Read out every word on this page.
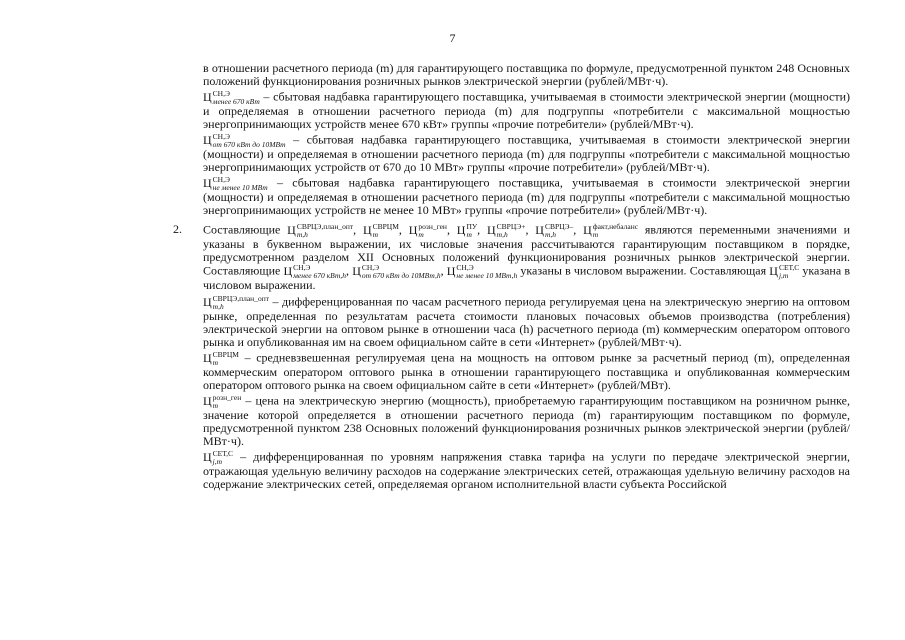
7

в отношении расчетного периода (m) для гарантирующего поставщика по формуле, предусмотренной пунктом 248 Основных положений функционирования розничных рынков электрической энергии (рублей/МВт·ч).

Ц СН,Э
менее 670 кВт – сбытовая надбавка гарантирующего поставщика, учитываемая в стоимости электрической энергии (мощности) и определяемая в отношении расчетного периода (m) для подгруппы «потребители с максимальной мощностью энергопринимающих устройств менее 670 кВт» группы «прочие потребители» (рублей/МВт·ч).

Ц СН,Э
от 670 кВт до 10МВт – сбытовая надбавка гарантирующего поставщика, учитываемая в стоимости электрической энергии (мощности) и определяемая в отношении расчетного периода (m) для подгруппы «потребители с максимальной мощностью энергопринимающих устройств от 670 до 10 МВт» группы «прочие потребители» (рублей/МВт·ч).

Ц СН,Э
не менее 10 МВт – сбытовая надбавка гарантирующего поставщика, учитываемая в стоимости электрической энергии (мощности) и определяемая в отношении расчетного периода (m) для подгруппы «потребители с максимальной мощностью энергопринимающих устройств не менее 10 МВт» группы «прочие потребители» (рублей/МВт·ч).

2. Составляющие Ц СВРЦЭ,план_опт
m,h	, Ц СВРЦМ
m	, Ц розн_ген
m	, Ц ПУ
m , Ц СВРЦЭ+
m,h	, Ц СВРЦЭ–
m,h	, Ц факт,небаланс
m	являются переменными значениями и указаны в буквенном выражении, их числовые значения рассчитываются гарантирующим поставщиком в порядке, предусмотренном разделом XII Основных положений функционирования розничных рынков электрической энергии. Составляющие Ц СН,Э
менее 670 кВт,h , Ц СН,Э
от 670 кВт до 10МВт,h , Ц СН,Э
не менее 10 МВт,h указаны в числовом выражении. Составляющая Ц СЕТ,С
j,m указана в числовом выражении.

Ц СВРЦЭ,план_опт
m,h	– дифференцированная по часам расчетного периода регулируемая цена на электрическую энергию на оптовом рынке, определенная по результатам расчета стоимости плановых почасовых объемов производства (потребления) электрической энергии на оптовом рынке в отношении часа (h) расчетного периода (m) коммерческим оператором оптового рынка и опубликованная им на своем официальном сайте в сети «Интернет» (рублей/МВт·ч).

Ц СВРЦМ
m	– средневзвешенная регулируемая цена на мощность на оптовом рынке за расчетный период (m), определенная коммерческим оператором оптового рынка в отношении гарантирующего поставщика и опубликованная коммерческим оператором оптового рынка на своем официальном сайте в сети «Интернет» (рублей/МВт).

Ц розн_ген
m	– цена на электрическую энергию (мощность), приобретаемую гарантирующим поставщиком на розничном рынке, значение которой определяется в отношении расчетного периода (m) гарантирующим поставщиком по формуле, предусмотренной пунктом 238 Основных положений функционирования розничных рынков электрической энергии (рублей/МВт·ч).

Ц СЕТ,С
j,m – дифференцированная по уровням напряжения ставка тарифа на услуги по передаче электрической энергии, отражающая удельную величину расходов на содержание электрических сетей, отражающая удельную величину расходов на содержание электрических сетей, определяемая органом исполнительной власти субъекта Российской
